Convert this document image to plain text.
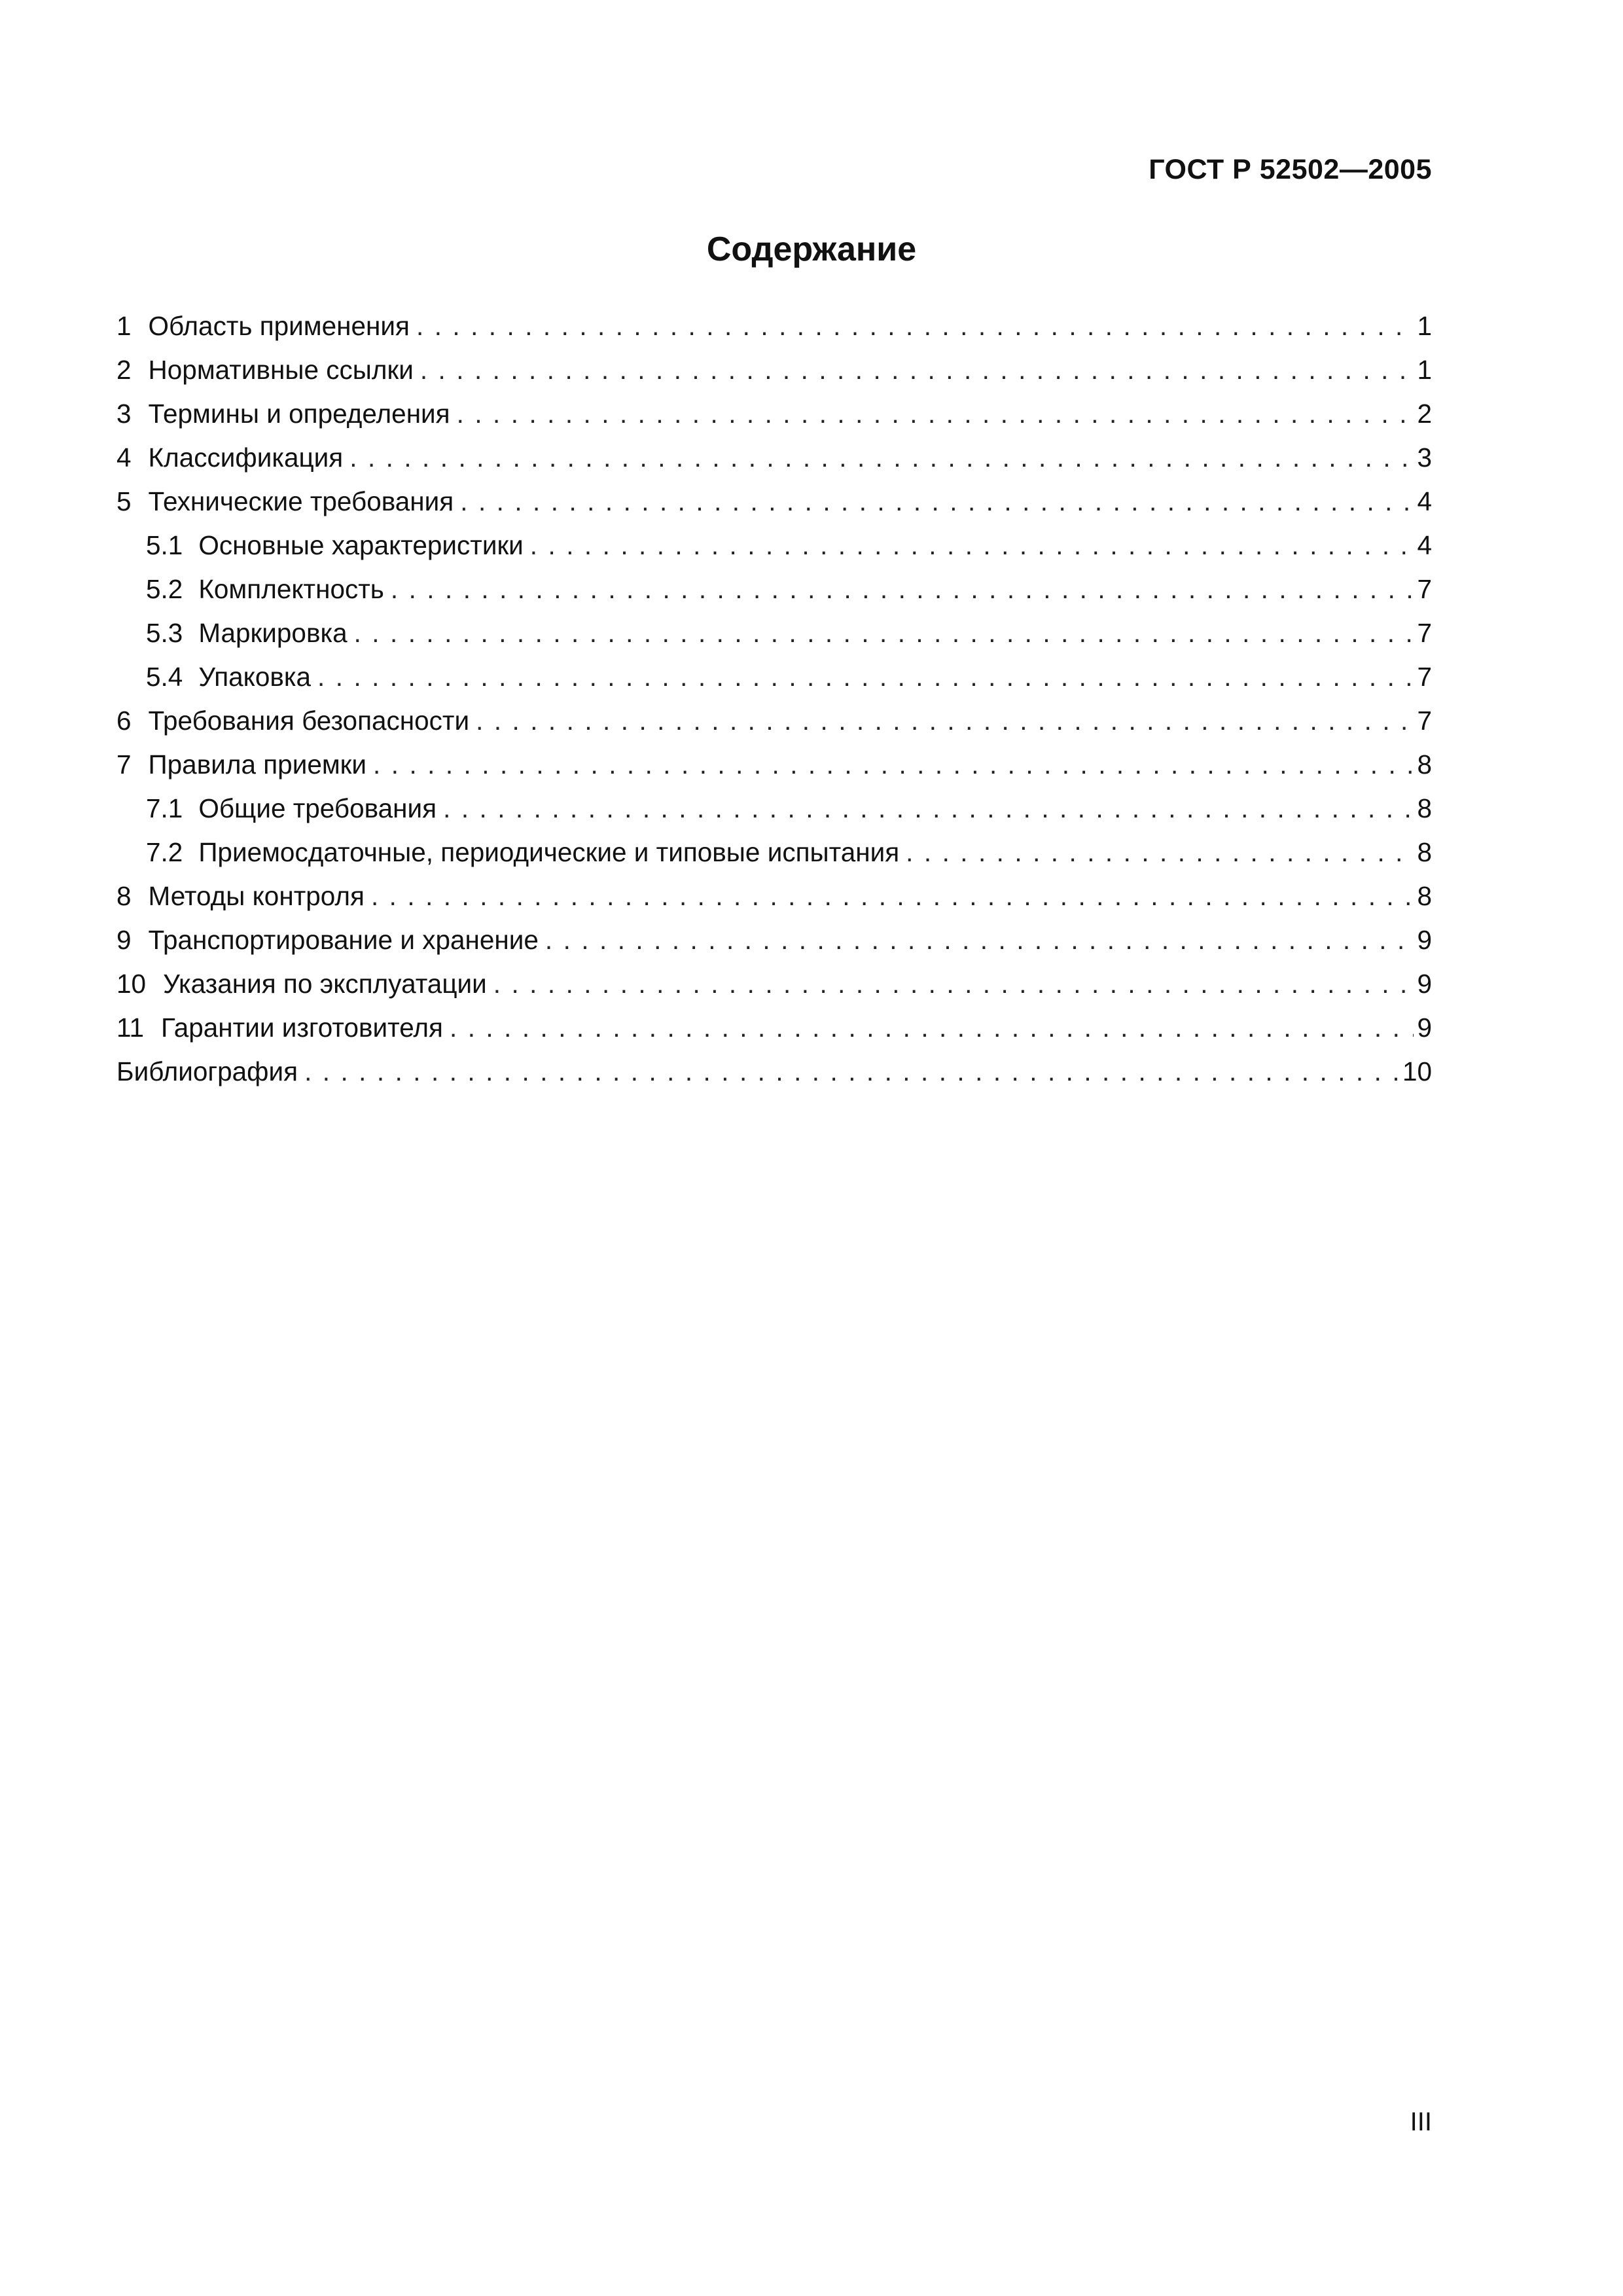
ГОСТ Р 52502—2005
Содержание
1 Область применения . . .	1
2 Нормативные ссылки . . .	1
3 Термины и определения . . .	2
4 Классификация . . .	3
5 Технические требования . . .	4
5.1 Основные характеристики . . .	4
5.2 Комплектность . . .	7
5.3 Маркировка . . .	7
5.4 Упаковка . . .	7
6 Требования безопасности . . .	7
7 Правила приемки . . .	8
7.1 Общие требования . . .	8
7.2 Приемосдаточные, периодические и типовые испытания . . .	8
8 Методы контроля . . .	8
9 Транспортирование и хранение . . .	9
10 Указания по эксплуатации . . .	9
11 Гарантии изготовителя . . .	9
Библиография . . .	10
III
